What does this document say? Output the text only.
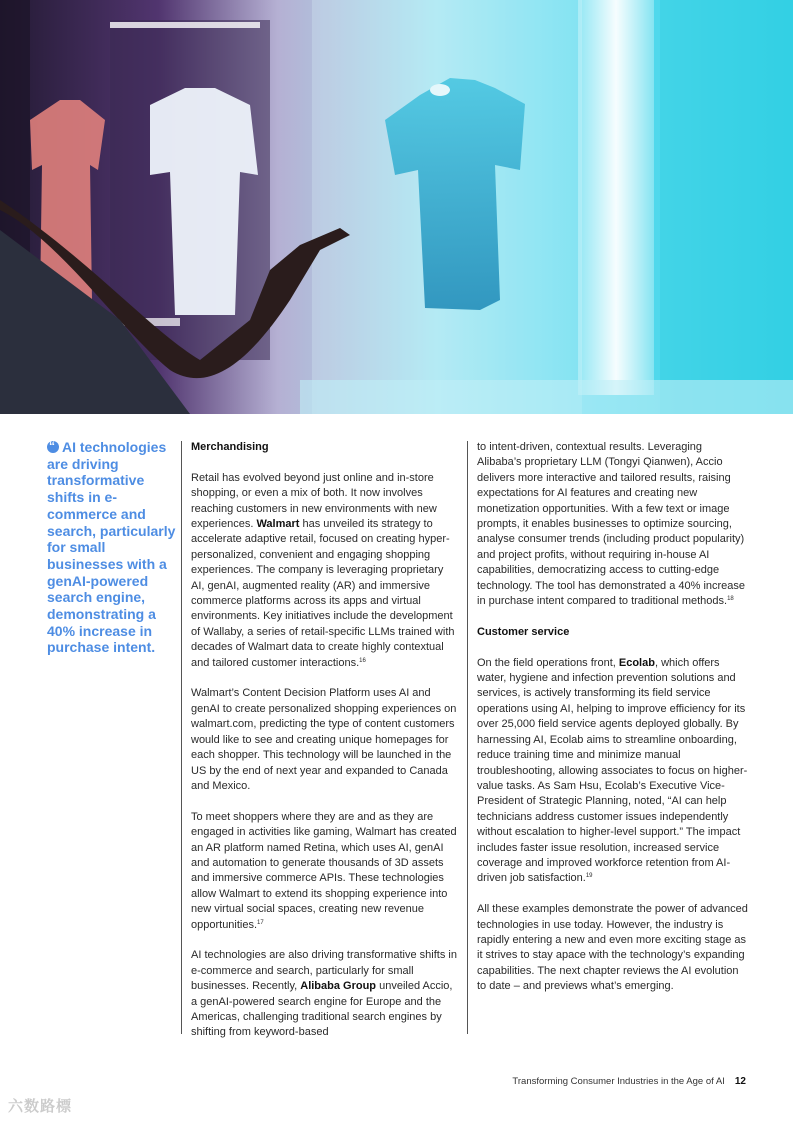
“AI technologies are driving transformative shifts in e-commerce and search, particularly for small businesses with a genAI-powered search engine, demonstrating a 40% increase in purchase intent.
Merchandising

Retail has evolved beyond just online and in-store shopping, or even a mix of both. It now involves reaching customers in new environments with new experiences. Walmart has unveiled its strategy to accelerate adaptive retail, focused on creating hyper-personalized, convenient and engaging shopping experiences. The company is leveraging proprietary AI, genAI, augmented reality (AR) and immersive commerce platforms across its apps and virtual environments. Key initiatives include the development of Wallaby, a series of retail-specific LLMs trained with decades of Walmart data to create highly contextual and tailored customer interactions.$^{16}$

Walmart’s Content Decision Platform uses AI and genAI to create personalized shopping experiences on walmart.com, predicting the type of content customers would like to see and creating unique homepages for each shopper. This technology will be launched in the US by the end of next year and expanded to Canada and Mexico.

To meet shoppers where they are and as they are engaged in activities like gaming, Walmart has created an AR platform named Retina, which uses AI, genAI and automation to generate thousands of 3D assets and immersive commerce APIs. These technologies allow Walmart to extend its shopping experience into new virtual social spaces, creating new revenue opportunities.$^{17}$

AI technologies are also driving transformative shifts in e-commerce and search, particularly for small businesses. Recently, Alibaba Group unveiled Accio, a genAI-powered search engine for Europe and the Americas, challenging traditional search engines by shifting from keyword-based

to intent-driven, contextual results. Leveraging Alibaba’s proprietary LLM (Tongyi Qianwen), Accio delivers more interactive and tailored results, raising expectations for AI features and creating new monetization opportunities. With a few text or image prompts, it enables businesses to optimize sourcing, analyse consumer trends (including product popularity) and project profits, without requiring in-house AI capabilities, democratizing access to cutting-edge technology. The tool has demonstrated a 40% increase in purchase intent compared to traditional methods.$^{18}$

Customer service

On the field operations front, Ecolab, which offers water, hygiene and infection prevention solutions and services, is actively transforming its field service operations using AI, helping to improve efficiency for its over 25,000 field service agents deployed globally. By harnessing AI, Ecolab aims to streamline onboarding, reduce training time and minimize manual troubleshooting, allowing associates to focus on higher-value tasks. As Sam Hsu, Ecolab’s Executive Vice-President of Strategic Planning, noted, “AI can help technicians address customer issues independently without escalation to higher-level support.” The impact includes faster issue resolution, increased service coverage and improved workforce retention from AI-driven job satisfaction.$^{19}$

All these examples demonstrate the power of advanced technologies in use today. However, the industry is rapidly entering a new and even more exciting stage as it strives to stay apace with the technology’s expanding capabilities. The next chapter reviews the AI evolution to date – and previews what’s emerging.

Transforming Consumer Industries in the Age of AI 12
六数路標
